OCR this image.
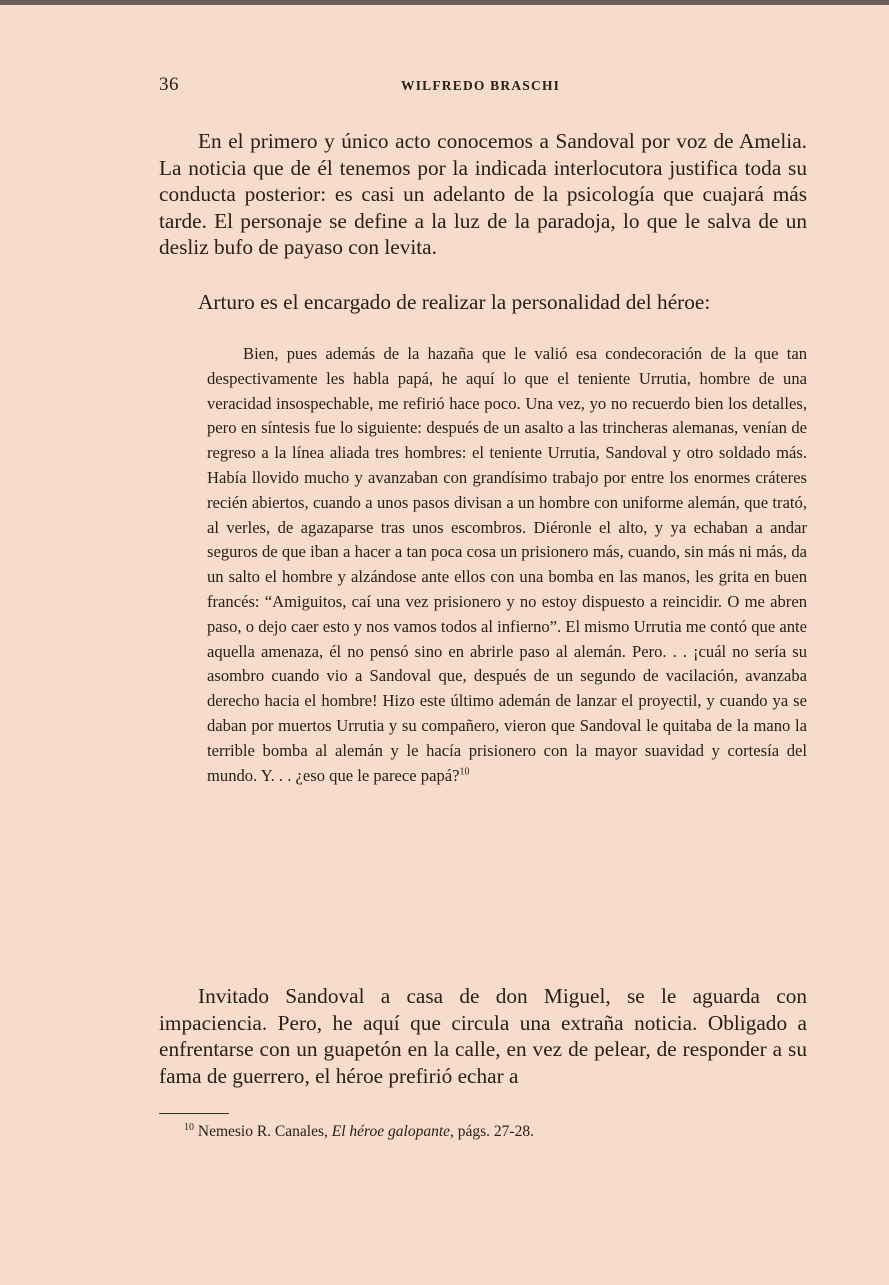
36	WILFREDO BRASCHI

En el primero y único acto conocemos a Sandoval por voz de Amelia. La noticia que de él tenemos por la indicada interlocutora justifica toda su conducta posterior: es casi un adelanto de la psicología que cuajará más tarde. El personaje se define a la luz de la paradoja, lo que le salva de un desliz bufo de payaso con levita.

Arturo es el encargado de realizar la personalidad del héroe:

Bien, pues además de la hazaña que le valió esa condecoración de la que tan despectivamente les habla papá, he aquí lo que el teniente Urrutia, hombre de una veracidad insospechable, me refirió hace poco. Una vez, yo no recuerdo bien los detalles, pero en síntesis fue lo siguiente: después de un asalto a las trincheras alemanas, venían de regreso a la línea aliada tres hombres: el teniente Urrutia, Sandoval y otro soldado más. Había llovido mucho y avanzaban con grandísimo trabajo por entre los enormes cráteres recién abiertos, cuando a unos pasos divisan a un hombre con uniforme alemán, que trató, al verles, de agazaparse tras unos escombros. Diéronle el alto, y ya echaban a andar seguros de que iban a hacer a tan poca cosa un prisionero más, cuando, sin más ni más, da un salto el hombre y alzándose ante ellos con una bomba en las manos, les grita en buen francés: “Amiguitos, caí una vez prisionero y no estoy dispuesto a reincidir. O me abren paso, o dejo caer esto y nos vamos todos al infierno”. El mismo Urrutia me contó que ante aquella amenaza, él no pensó sino en abrirle paso al alemán. Pero. . . ¡cuál no sería su asombro cuando vio a Sandoval que, después de un segundo de vacilación, avanzaba derecho hacia el hombre! Hizo este último ademán de lanzar el proyectil, y cuando ya se daban por muertos Urrutia y su compañero, vieron que Sandoval le quitaba de la mano la terrible bomba al alemán y le hacía prisionero con la mayor suavidad y cortesía del mundo. Y. . . ¿eso que le parece papá?$^{10}$

Invitado Sandoval a casa de don Miguel, se le aguarda con impaciencia. Pero, he aquí que circula una extraña noticia. Obligado a enfrentarse con un guapetón en la calle, en vez de pelear, de responder a su fama de guerrero, el héroe prefirió echar a

$^{10}$ Nemesio R. Canales, El héroe galopante, págs. 27-28.
